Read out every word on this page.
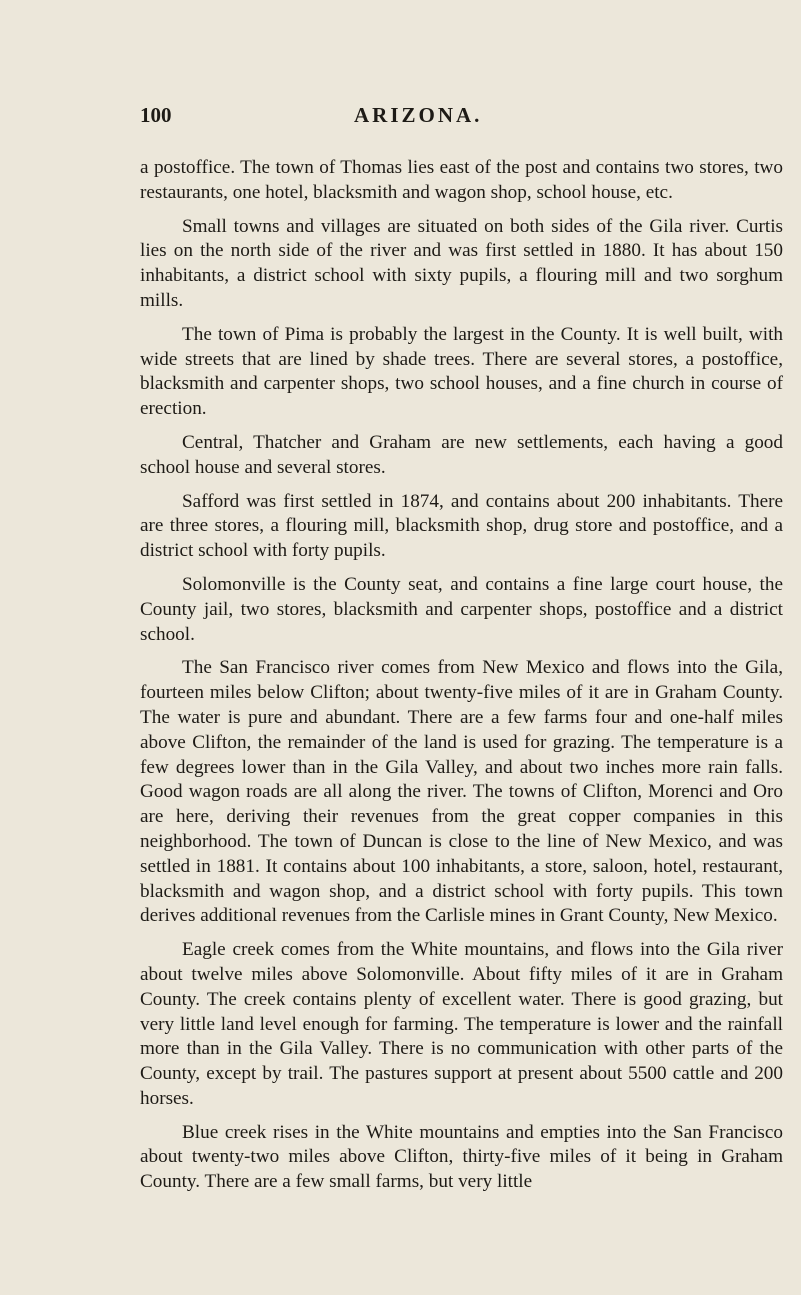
100	ARIZONA.

a postoffice. The town of Thomas lies east of the post and contains two stores, two restaurants, one hotel, blacksmith and wagon shop, school house, etc.

Small towns and villages are situated on both sides of the Gila river. Curtis lies on the north side of the river and was first settled in 1880. It has about 150 inhabitants, a district school with sixty pupils, a flouring mill and two sorghum mills.

The town of Pima is probably the largest in the County. It is well built, with wide streets that are lined by shade trees. There are several stores, a postoffice, blacksmith and carpenter shops, two school houses, and a fine church in course of erection.

Central, Thatcher and Graham are new settlements, each having a good school house and several stores.

Safford was first settled in 1874, and contains about 200 inhabitants. There are three stores, a flouring mill, blacksmith shop, drug store and postoffice, and a district school with forty pupils.

Solomonville is the County seat, and contains a fine large court house, the County jail, two stores, blacksmith and carpenter shops, postoffice and a district school.

The San Francisco river comes from New Mexico and flows into the Gila, fourteen miles below Clifton; about twenty-five miles of it are in Graham County. The water is pure and abundant. There are a few farms four and one-half miles above Clifton, the remainder of the land is used for grazing. The temperature is a few degrees lower than in the Gila Valley, and about two inches more rain falls. Good wagon roads are all along the river. The towns of Clifton, Morenci and Oro are here, deriving their revenues from the great copper companies in this neighborhood. The town of Duncan is close to the line of New Mexico, and was settled in 1881. It contains about 100 inhabitants, a store, saloon, hotel, restaurant, blacksmith and wagon shop, and a district school with forty pupils. This town derives additional revenues from the Carlisle mines in Grant County, New Mexico.

Eagle creek comes from the White mountains, and flows into the Gila river about twelve miles above Solomonville. About fifty miles of it are in Graham County. The creek contains plenty of excellent water. There is good grazing, but very little land level enough for farming. The temperature is lower and the rainfall more than in the Gila Valley. There is no communication with other parts of the County, except by trail. The pastures support at present about 5500 cattle and 200 horses.

Blue creek rises in the White mountains and empties into the San Francisco about twenty-two miles above Clifton, thirty-five miles of it being in Graham County. There are a few small farms, but very little
